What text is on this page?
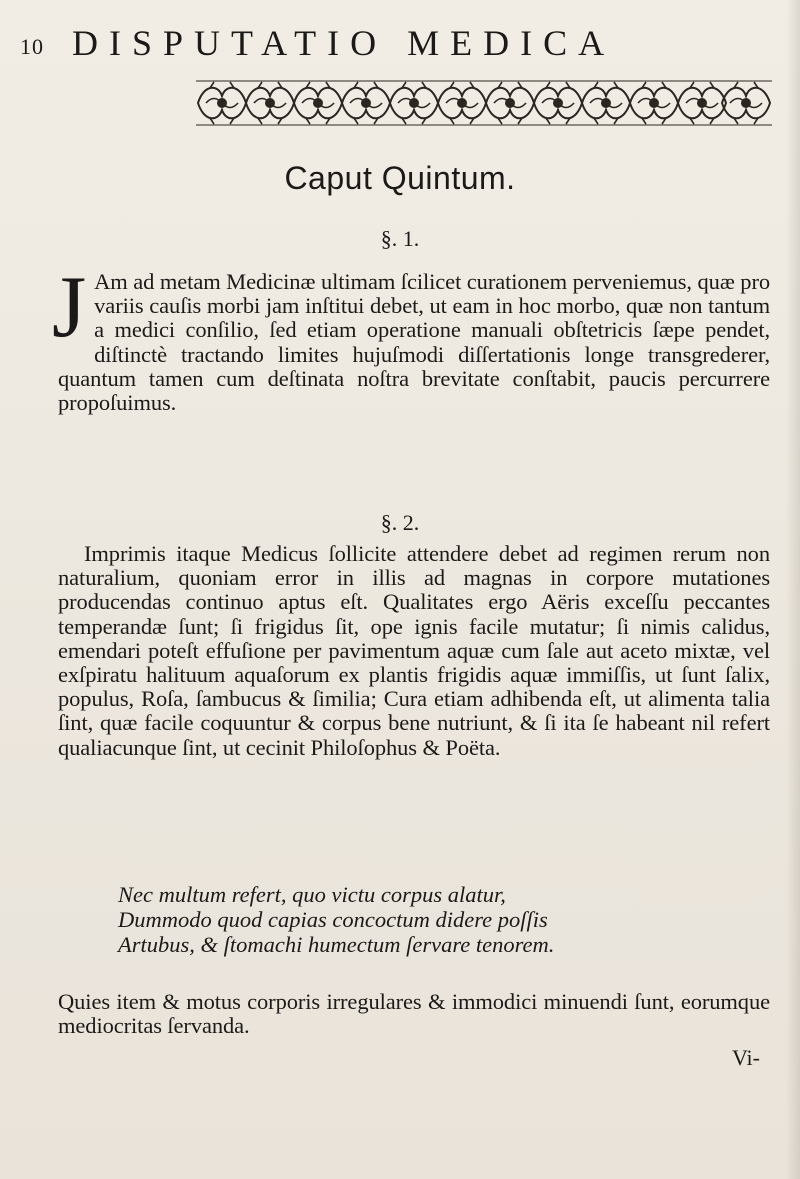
10 DISPUTATIO MEDICA
Caput Quintum.
§. 1.
J Am ad metam Medicinæ ultimam ſcilicet curationem perveniemus, quæ pro variis cauſis morbi jam inſtitui debet, ut eam in hoc morbo, quæ non tantum a medici conſilio, ſed etiam operatione manuali obſtetricis ſæpe pendet, diſtinctè tractando limites hujuſmodi diſſertationis longe transgrederer, quantum tamen cum deſtinata noſtra brevitate conſtabit, paucis percurrere propoſuimus.
§. 2.
Imprimis itaque Medicus ſollicite attendere debet ad regimen rerum non naturalium, quoniam error in illis ad magnas in corpore mutationes producendas continuo aptus eſt. Qualitates ergo Aëris exceſſu peccantes temperandæ ſunt; ſi frigidus ſit, ope ignis facile mutatur; ſi nimis calidus, emendari poteſt effuſione per pavimentum aquæ cum ſale aut aceto mixtæ, vel exſpiratu halituum aquaſorum ex plantis frigidis aquæ immiſſis, ut ſunt ſalix, populus, Roſa, ſambucus & ſimilia; Cura etiam adhibenda eſt, ut alimenta talia ſint, quæ facile coquuntur & corpus bene nutriunt, & ſi ita ſe habeant nil refert qualiacunque ſint, ut cecinit Philoſophus & Poëta.
Nec multum refert, quo victu corpus alatur,
Dummodo quod capias concoctum didere poſſis
Artubus, & ſtomachi humectum ſervare tenorem.
Quies item & motus corporis irregulares & immodici minuendi ſunt, eorumque mediocritas ſervanda.
Vi-
